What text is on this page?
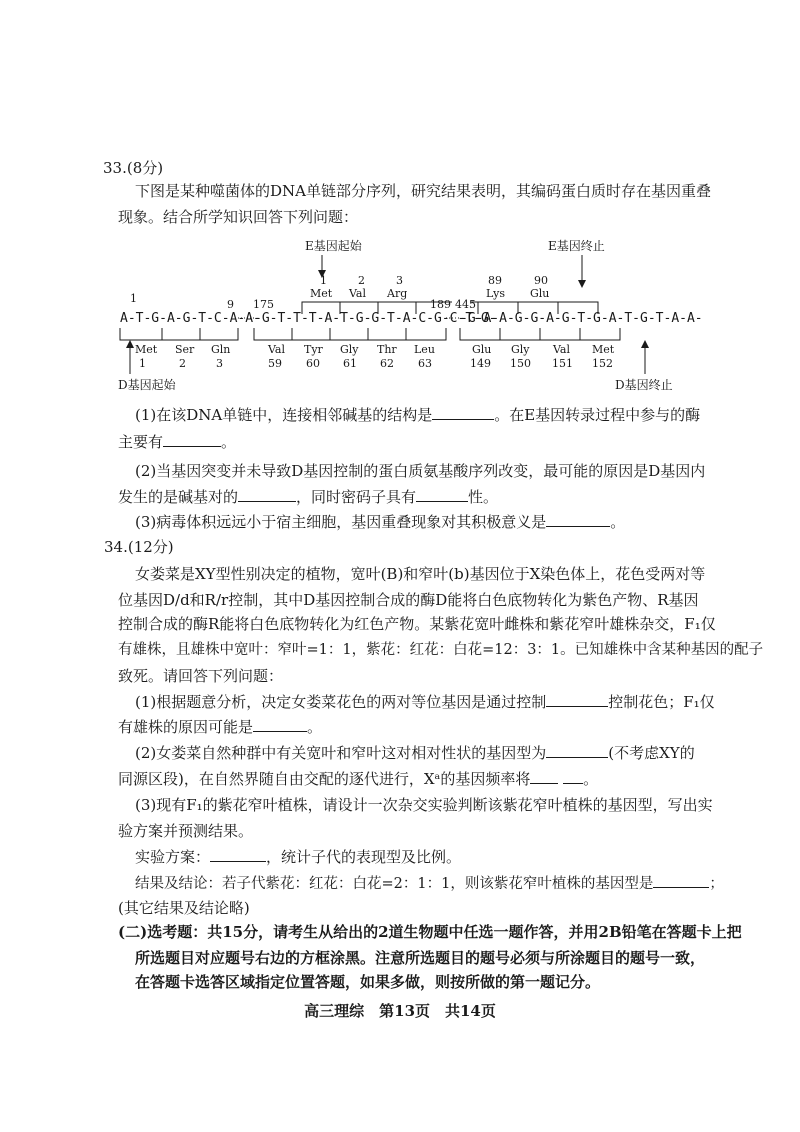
33.(8分)
下图是某种噬菌体的DNA单链部分序列，研究结果表明，其编码蛋白质时存在基因重叠
现象。结合所学知识回答下列问题：
E基因起始	E基因终止
1	2	3	89	90
Met Val Arg	Lys Glu
1	9 175	189 445
A-T-G-A-G-T-C-A-A-
-G-T-T-T-A-T-G-G-T-A-C-G-C-T-G-
-G-A-A-G-G-A-G-T-G-A-T-G-T-A-A-
Met Ser Gln	Val Tyr Gly Thr Leu	Glu Gly Val Met
1	2	3	59 60 61 62 63	149 150 151 152
D基因起始	D基因终止
(1)在该DNA单链中，连接相邻碱基的结构是	。在E基因转录过程中参与的酶
主要有	。
(2)当基因突变并未导致D基因控制的蛋白质氨基酸序列改变，最可能的原因是D基因内
发生的是碱基对的	，同时密码子具有	性。
(3)病毒体积远远小于宿主细胞，基因重叠现象对其积极意义是	。
34.(12分)
女娄菜是XY型性别决定的植物，宽叶(B)和窄叶(b)基因位于X染色体上，花色受两对等
位基因D/d和R/r控制，其中D基因控制合成的酶D能将白色底物转化为紫色产物、R基因
控制合成的酶R能将白色底物转化为红色产物。某紫花宽叶雌株和紫花窄叶雄株杂交，F₁仅
有雄株，且雄株中宽叶：窄叶=1：1，紫花：红花：白花=12：3：1。已知雄株中含某种基因的配子
致死。请回答下列问题：
(1)根据题意分析，决定女娄菜花色的两对等位基因是通过控制	控制花色；F₁仅
有雄株的原因可能是	。
(2)女娄菜自然种群中有关宽叶和窄叶这对相对性状的基因型为	(不考虑XY的
同源区段)，在自然界随自由交配的逐代进行，Xᵃ的基因频率将	。
(3)现有F₁的紫花窄叶植株，请设计一次杂交实验判断该紫花窄叶植株的基因型，写出实
验方案并预测结果。
实验方案：	，统计子代的表现型及比例。
结果及结论：若子代紫花：红花：白花=2：1：1，则该紫花窄叶植株的基因型是	；
(其它结果及结论略)
(二)选考题：共15分，请考生从给出的2道生物题中任选一题作答，并用2B铅笔在答题卡上把
所选题目对应题号右边的方框涂黑。注意所选题目的题号必须与所涂题目的题号一致，
在答题卡选答区域指定位置答题，如果多做，则按所做的第一题记分。
高三理综　第13页　共14页
